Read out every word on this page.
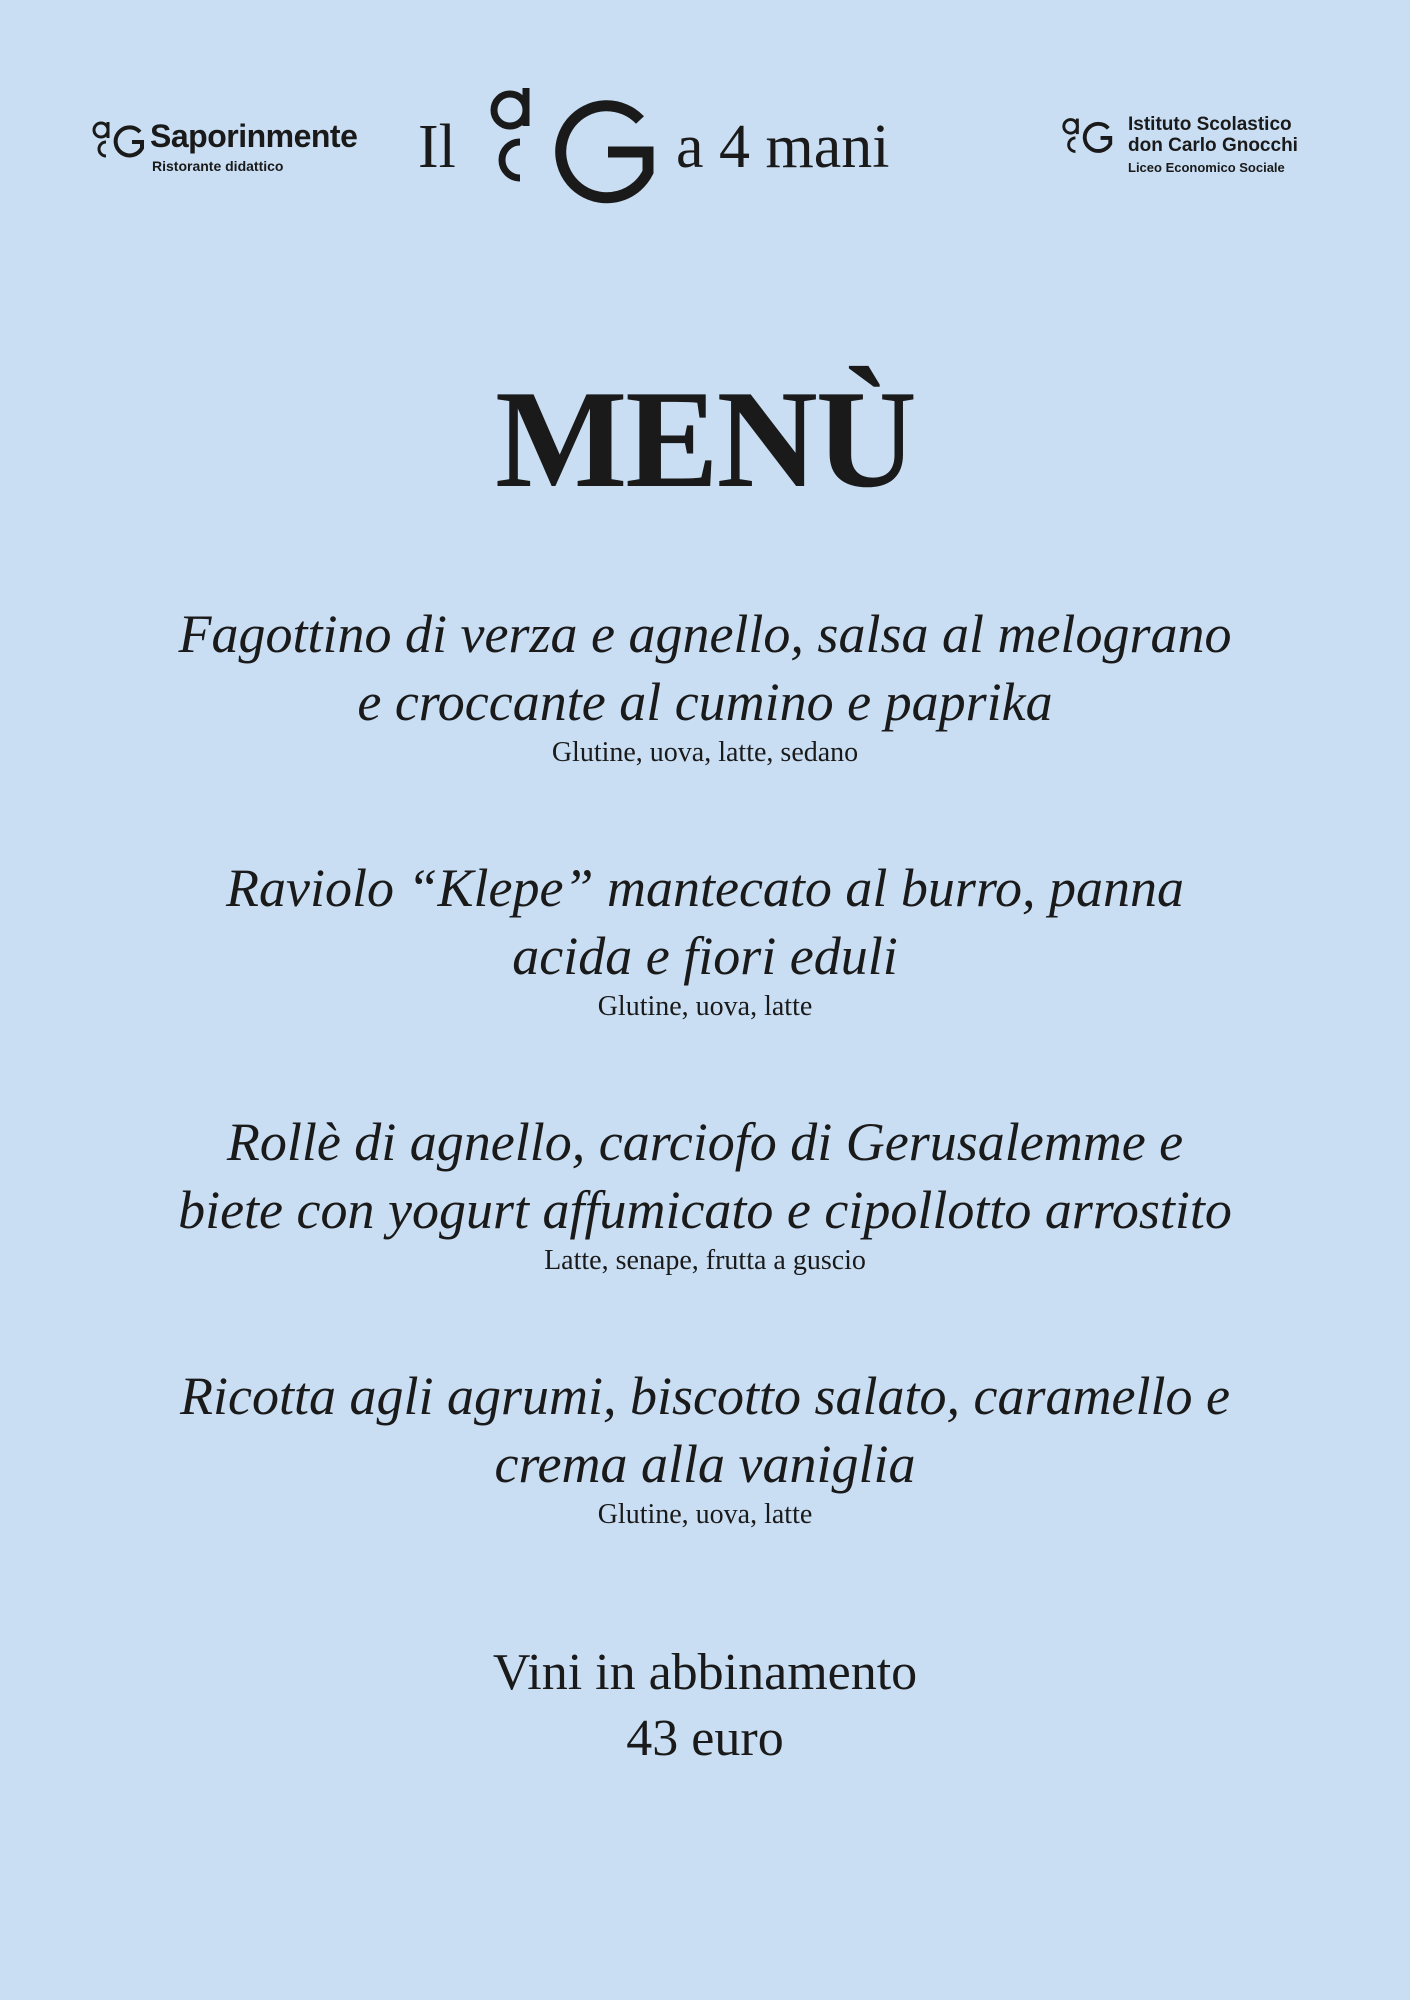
Saporinmente
Ristorante didattico Il	a 4 mani	Istituto Scolastico
don Carlo Gnocchi
Liceo Economico Sociale
MENÙ
Fagottino di verza e agnello, salsa al melograno
e croccante al cumino e paprika
Glutine, uova, latte, sedano
Raviolo “Klepe” mantecato al burro, panna
acida e fiori eduli
Glutine, uova, latte
Rollè di agnello, carciofo di Gerusalemme e
biete con yogurt affumicato e cipollotto arrostito
Latte, senape, frutta a guscio
Ricotta agli agrumi, biscotto salato, caramello e
crema alla vaniglia
Glutine, uova, latte
Vini in abbinamento
43 euro
